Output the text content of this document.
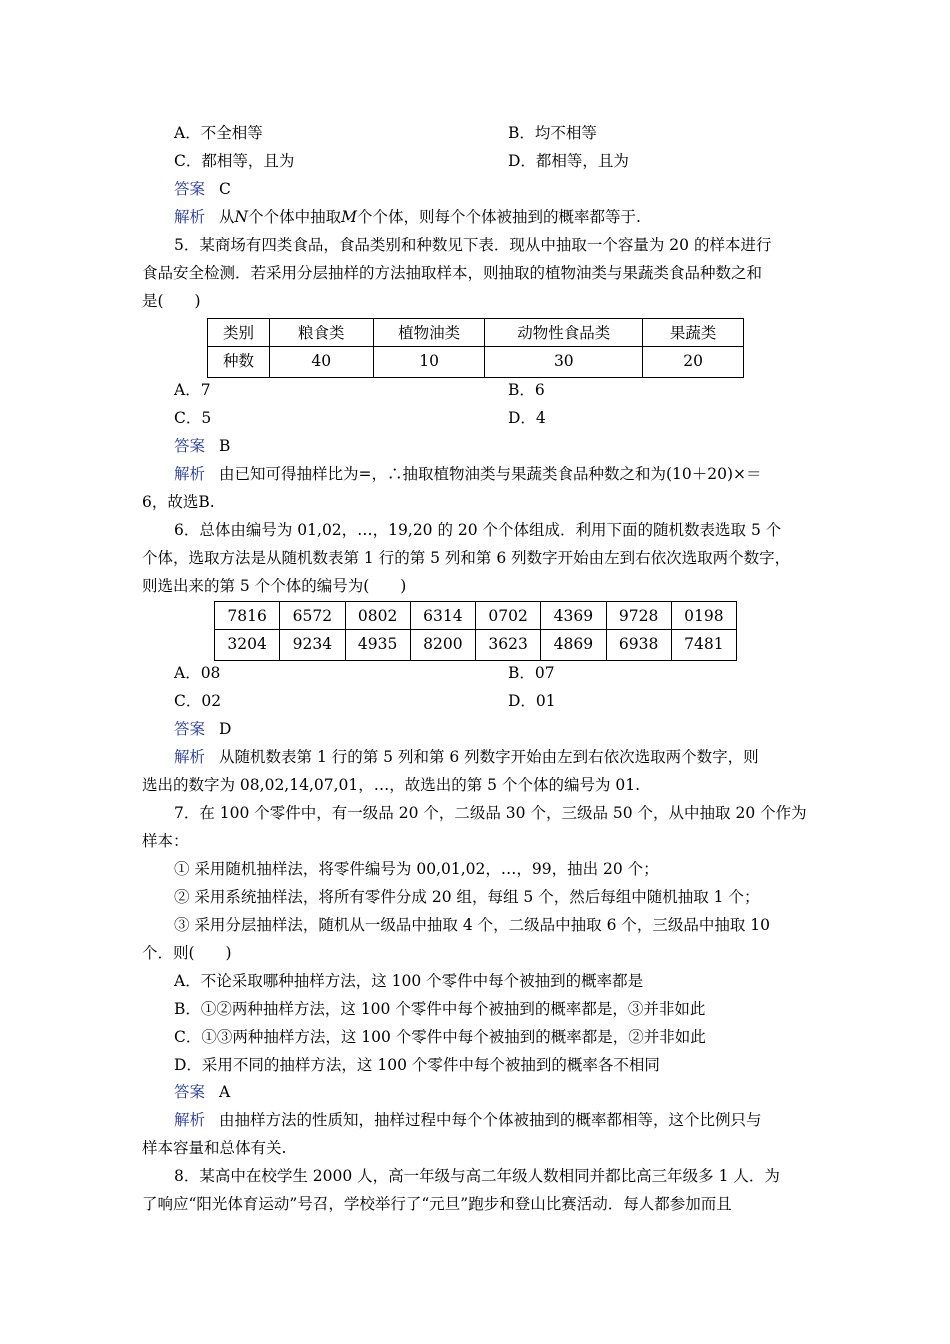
A．不全相等	B．均不相等
C．都相等，且为	D．都相等，且为
答案 C
解析 从N个个体中抽取M个个体，则每个个体被抽到的概率都等于.
5．某商场有四类食品，食品类别和种数见下表．现从中抽取一个容量为 20 的样本进行
食品安全检测．若采用分层抽样的方法抽取样本，则抽取的植物油类与果蔬类食品种数之和
是(　　)
类别	粮食类	植物油类	动物性食品类	果蔬类
种数	40	10	30	20
A．7	B．6
C．5	D．4
答案 B
解析 由已知可得抽样比为=，∴抽取植物油类与果蔬类食品种数之和为(10＋20)×＝
6，故选B.
6．总体由编号为 01,02，…，19,20 的 20 个个体组成．利用下面的随机数表选取 5 个
个体，选取方法是从随机数表第 1 行的第 5 列和第 6 列数字开始由左到右依次选取两个数字，
则选出来的第 5 个个体的编号为(　　)
7816	6572	0802	6314	0702	4369	9728	0198
3204	9234	4935	8200	3623	4869	6938	7481
A．08	B．07
C．02	D．01
答案 D
解析 从随机数表第 1 行的第 5 列和第 6 列数字开始由左到右依次选取两个数字，则
选出的数字为 08,02,14,07,01，…，故选出的第 5 个个体的编号为 01.
7．在 100 个零件中，有一级品 20 个，二级品 30 个，三级品 50 个，从中抽取 20 个作为
样本：
① 采用随机抽样法，将零件编号为 00,01,02，…，99，抽出 20 个；
② 采用系统抽样法，将所有零件分成 20 组，每组 5 个，然后每组中随机抽取 1 个；
③ 采用分层抽样法，随机从一级品中抽取 4 个，二级品中抽取 6 个，三级品中抽取 10
个．则(　　)
A．不论采取哪种抽样方法，这 100 个零件中每个被抽到的概率都是
B．①②两种抽样方法，这 100 个零件中每个被抽到的概率都是，③并非如此
C．①③两种抽样方法，这 100 个零件中每个被抽到的概率都是，②并非如此
D．采用不同的抽样方法，这 100 个零件中每个被抽到的概率各不相同
答案 A
解析 由抽样方法的性质知，抽样过程中每个个体被抽到的概率都相等，这个比例只与
样本容量和总体有关.
8．某高中在校学生 2000 人，高一年级与高二年级人数相同并都比高三年级多 1 人．为
了响应“阳光体育运动”号召，学校举行了“元旦”跑步和登山比赛活动．每人都参加而且
